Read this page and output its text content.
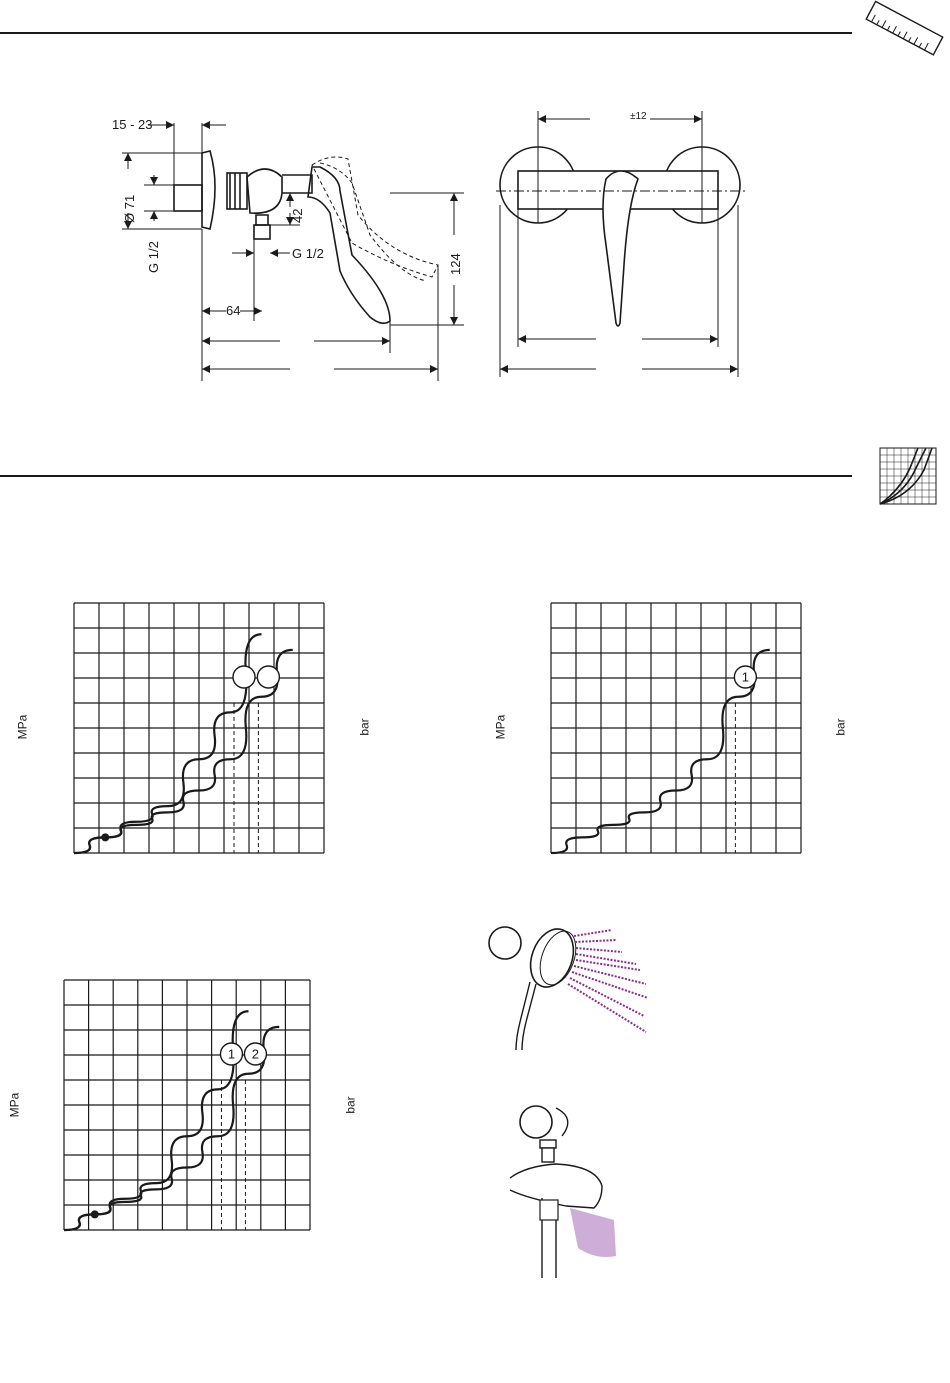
15 - 23
Ø 71
G 1/2	G 1/2
42
124
64
±12
1
1 2
MPa	bar	MPa	bar
MPa	bar
